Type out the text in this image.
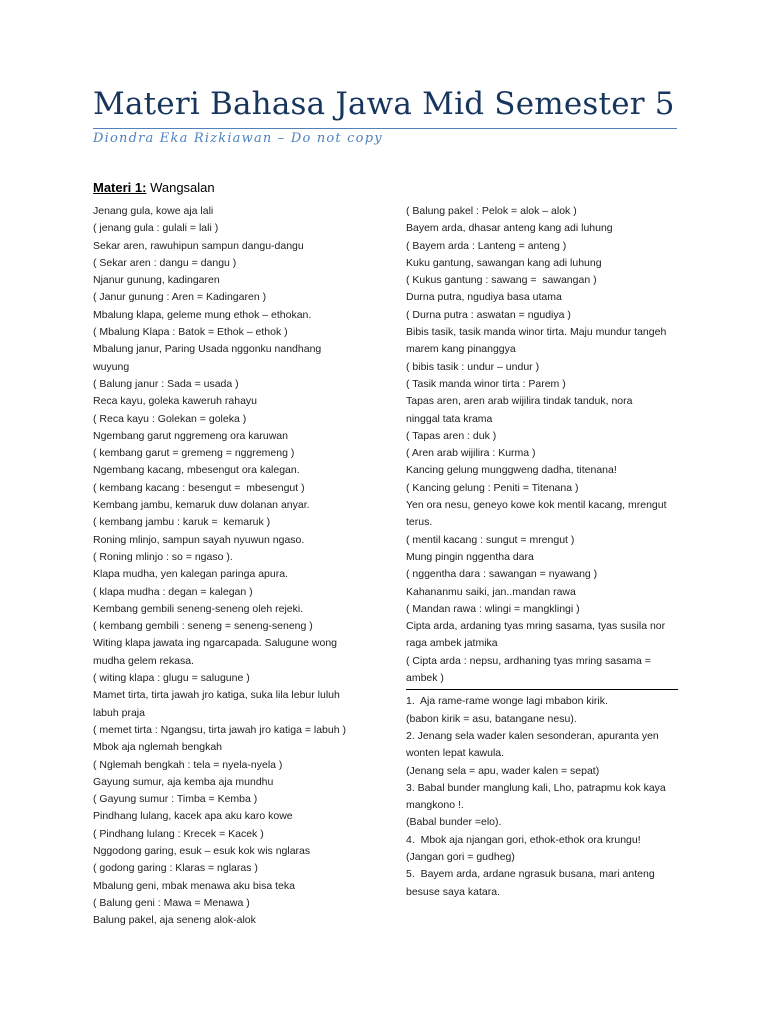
Materi Bahasa Jawa Mid Semester 5
Diondra Eka Rizkiawan – Do not copy
Materi 1: Wangsalan
Jenang gula, kowe aja lali
( jenang gula : gulali = lali )
Sekar aren, rawuhipun sampun dangu-dangu
( Sekar aren : dangu = dangu )
Njanur gunung, kadingaren
( Janur gunung : Aren = Kadingaren )
Mbalung klapa, geleme mung ethok – ethokan.
( Mbalung Klapa : Batok = Ethok – ethok )
Mbalung janur, Paring Usada nggonku nandhang
wuyung
( Balung janur : Sada = usada )
Reca kayu, goleka kaweruh rahayu
( Reca kayu : Golekan = goleka )
Ngembang garut nggremeng ora karuwan
( kembang garut = gremeng = nggremeng )
Ngembang kacang, mbesengut ora kalegan.
( kembang kacang : besengut =  mbesengut )
Kembang jambu, kemaruk duw dolanan anyar.
( kembang jambu : karuk =  kemaruk )
Roning mlinjo, sampun sayah nyuwun ngaso.
( Roning mlinjo : so = ngaso ).
Klapa mudha, yen kalegan paringa apura.
( klapa mudha : degan = kalegan )
Kembang gembili seneng-seneng oleh rejeki.
( kembang gembili : seneng = seneng-seneng )
Witing klapa jawata ing ngarcapada. Salugune wong
mudha gelem rekasa.
( witing klapa : glugu = salugune )
Mamet tirta, tirta jawah jro katiga, suka lila lebur luluh
labuh praja
( memet tirta : Ngangsu, tirta jawah jro katiga = labuh )
Mbok aja nglemah bengkah
( Nglemah bengkah : tela = nyela-nyela )
Gayung sumur, aja kemba aja mundhu
( Gayung sumur : Timba = Kemba )
Pindhang lulang, kacek apa aku karo kowe
( Pindhang lulang : Krecek = Kacek )
Nggodong garing, esuk – esuk kok wis nglaras
( godong garing : Klaras = nglaras )
Mbalung geni, mbak menawa aku bisa teka
( Balung geni : Mawa = Menawa )
Balung pakel, aja seneng alok-alok
( Balung pakel : Pelok = alok – alok )
Bayem arda, dhasar anteng kang adi luhung
( Bayem arda : Lanteng = anteng )
Kuku gantung, sawangan kang adi luhung
( Kukus gantung : sawang =  sawangan )
Durna putra, ngudiya basa utama
( Durna putra : aswatan = ngudiya )
Bibis tasik, tasik manda winor tirta. Maju mundur tangeh
marem kang pinanggya
( bibis tasik : undur – undur )
( Tasik manda winor tirta : Parem )
Tapas aren, aren arab wijilira tindak tanduk, nora
ninggal tata krama
( Tapas aren : duk )
( Aren arab wijilira : Kurma )
Kancing gelung munggweng dadha, titenana!
( Kancing gelung : Peniti = Titenana )
Yen ora nesu, geneyo kowe kok mentil kacang, mrengut
terus.
( mentil kacang : sungut = mrengut )
Mung pingin nggentha dara
( nggentha dara : sawangan = nyawang )
Kahananmu saiki, jan..mandan rawa
( Mandan rawa : wlingi = mangklingi )
Cipta arda, ardaning tyas mring sasama, tyas susila nor
raga ambek jatmika
( Cipta arda : nepsu, ardhaning tyas mring sasama =
ambek )
1.  Aja rame-rame wonge lagi mbabon kirik.
(babon kirik = asu, batangane nesu).
2. Jenang sela wader kalen sesonderan, apuranta yen
wonten lepat kawula.
(Jenang sela = apu, wader kalen = sepat)
3. Babal bunder manglung kali, Lho, patrapmu kok kaya
mangkono !.
(Babal bunder =elo).
4.  Mbok aja njangan gori, ethok-ethok ora krungu!
(Jangan gori = gudheg)
5.  Bayem arda, ardane ngrasuk busana, mari anteng
besuse saya katara.
